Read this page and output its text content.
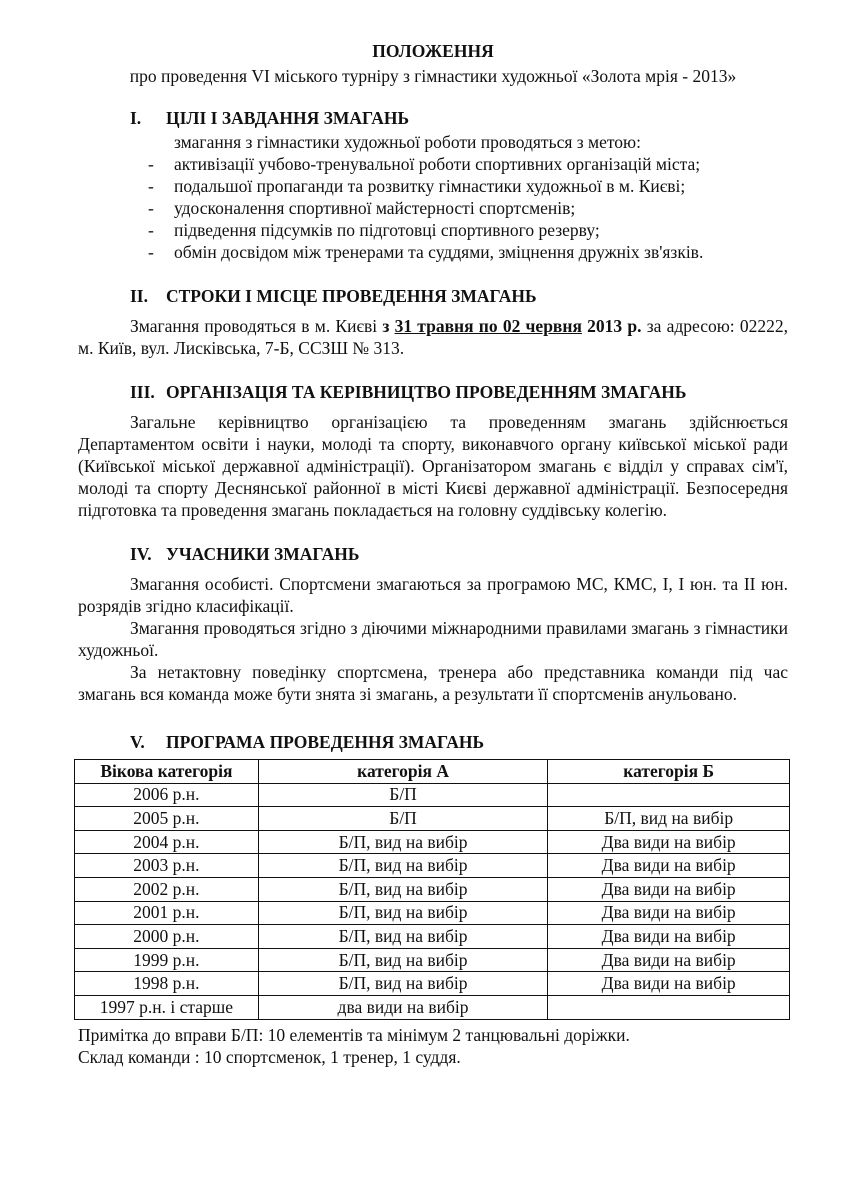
ПОЛОЖЕННЯ
про проведення VІ міського турніру з гімнастики художньої «Золота мрія - 2013»
I. ЦІЛІ І ЗАВДАННЯ ЗМАГАНЬ
змагання з гімнастики художньої роботи проводяться з метою:
- активізації учбово-тренувальної роботи спортивних організацій міста;
- подальшої пропаганди та розвитку гімнастики художньої в м. Києві;
- удосконалення спортивної майстерності спортсменів;
- підведення підсумків по підготовці спортивного резерву;
- обмін досвідом між тренерами та суддями, зміцнення дружніх зв'язків.
II. СТРОКИ І МІСЦЕ ПРОВЕДЕННЯ ЗМАГАНЬ

Змагання проводяться в м. Києві з 31 травня по 02 червня 2013 р. за адресою: 02222, м. Київ, вул. Лисківська, 7-Б, ССЗШ № 313.

III. ОРГАНІЗАЦІЯ ТА КЕРІВНИЦТВО ПРОВЕДЕННЯМ ЗМАГАНЬ

Загальне керівництво організацією та проведенням змагань здійснюється Департаментом освіти і науки, молоді та спорту, виконавчого органу київської міської ради (Київської міської державної адміністрації). Організатором змагань є відділ у справах сім'ї, молоді та спорту Деснянської районної в місті Києві державної адміністрації. Безпосередня підготовка та проведення змагань покладається на головну суддівську колегію.

IV. УЧАСНИКИ ЗМАГАНЬ

Змагання особисті. Спортсмени змагаються за програмою МС, КМС, І, І юн. та ІІ юн. розрядів згідно класифікації.

Змагання проводяться згідно з діючими міжнародними правилами змагань з гімнастики художньої.

За нетактовну поведінку спортсмена, тренера або представника команди під час змагань вся команда може бути знята зі змагань, а результати її спортсменів анульовано.

V. ПРОГРАМА ПРОВЕДЕННЯ ЗМАГАНЬ
Вікова категорія	категорія А	категорія Б
2006 р.н.	Б/П	
2005 р.н.	Б/П	Б/П, вид на вибір
2004 р.н.	Б/П, вид на вибір	Два види на вибір
2003 р.н.	Б/П, вид на вибір	Два види на вибір
2002 р.н.	Б/П, вид на вибір	Два види на вибір
2001 р.н.	Б/П, вид на вибір	Два види на вибір
2000 р.н.	Б/П, вид на вибір	Два види на вибір
1999 р.н.	Б/П, вид на вибір	Два види на вибір
1998 р.н.	Б/П, вид на вибір	Два види на вибір
1997 р.н. і старше	два види на вибір	
Примітка до вправи Б/П: 10 елементів та мінімум 2 танцювальні доріжки.
Склад команди : 10 спортсменок, 1 тренер, 1 суддя.
